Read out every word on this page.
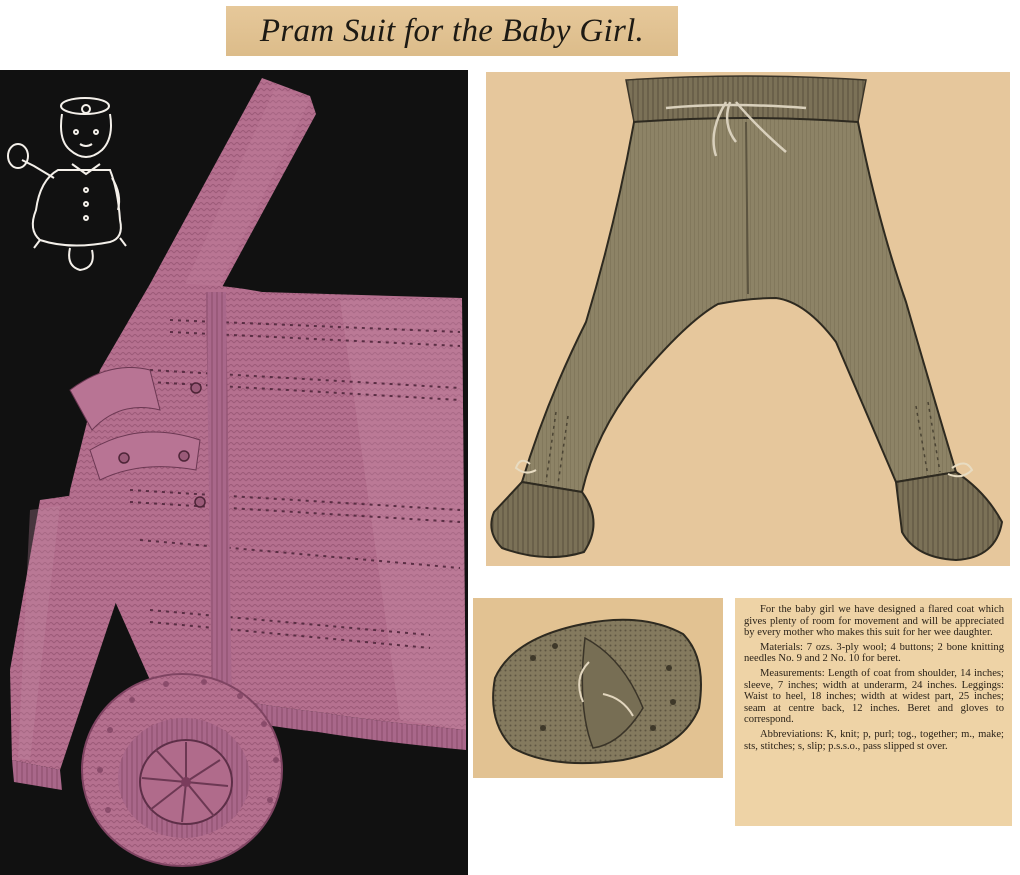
Pram Suit for the Baby Girl.

For the baby girl we have designed a flared coat which gives plenty of room for movement and will be appreciated by every mother who makes this suit for her wee daughter.

Materials: 7 ozs. 3-ply wool; 4 buttons; 2 bone knitting needles No. 9 and 2 No. 10 for beret.

Measurements: Length of coat from shoulder, 14 inches; sleeve, 7 inches; width at underarm, 24 inches. Leggings: Waist to heel, 18 inches; width at widest part, 25 inches; seam at centre back, 12 inches. Beret and gloves to correspond.

Abbreviations: K, knit; p, purl; tog., together; m., make; sts, stitches; s, slip; p.s.s.o., pass slipped st over.
